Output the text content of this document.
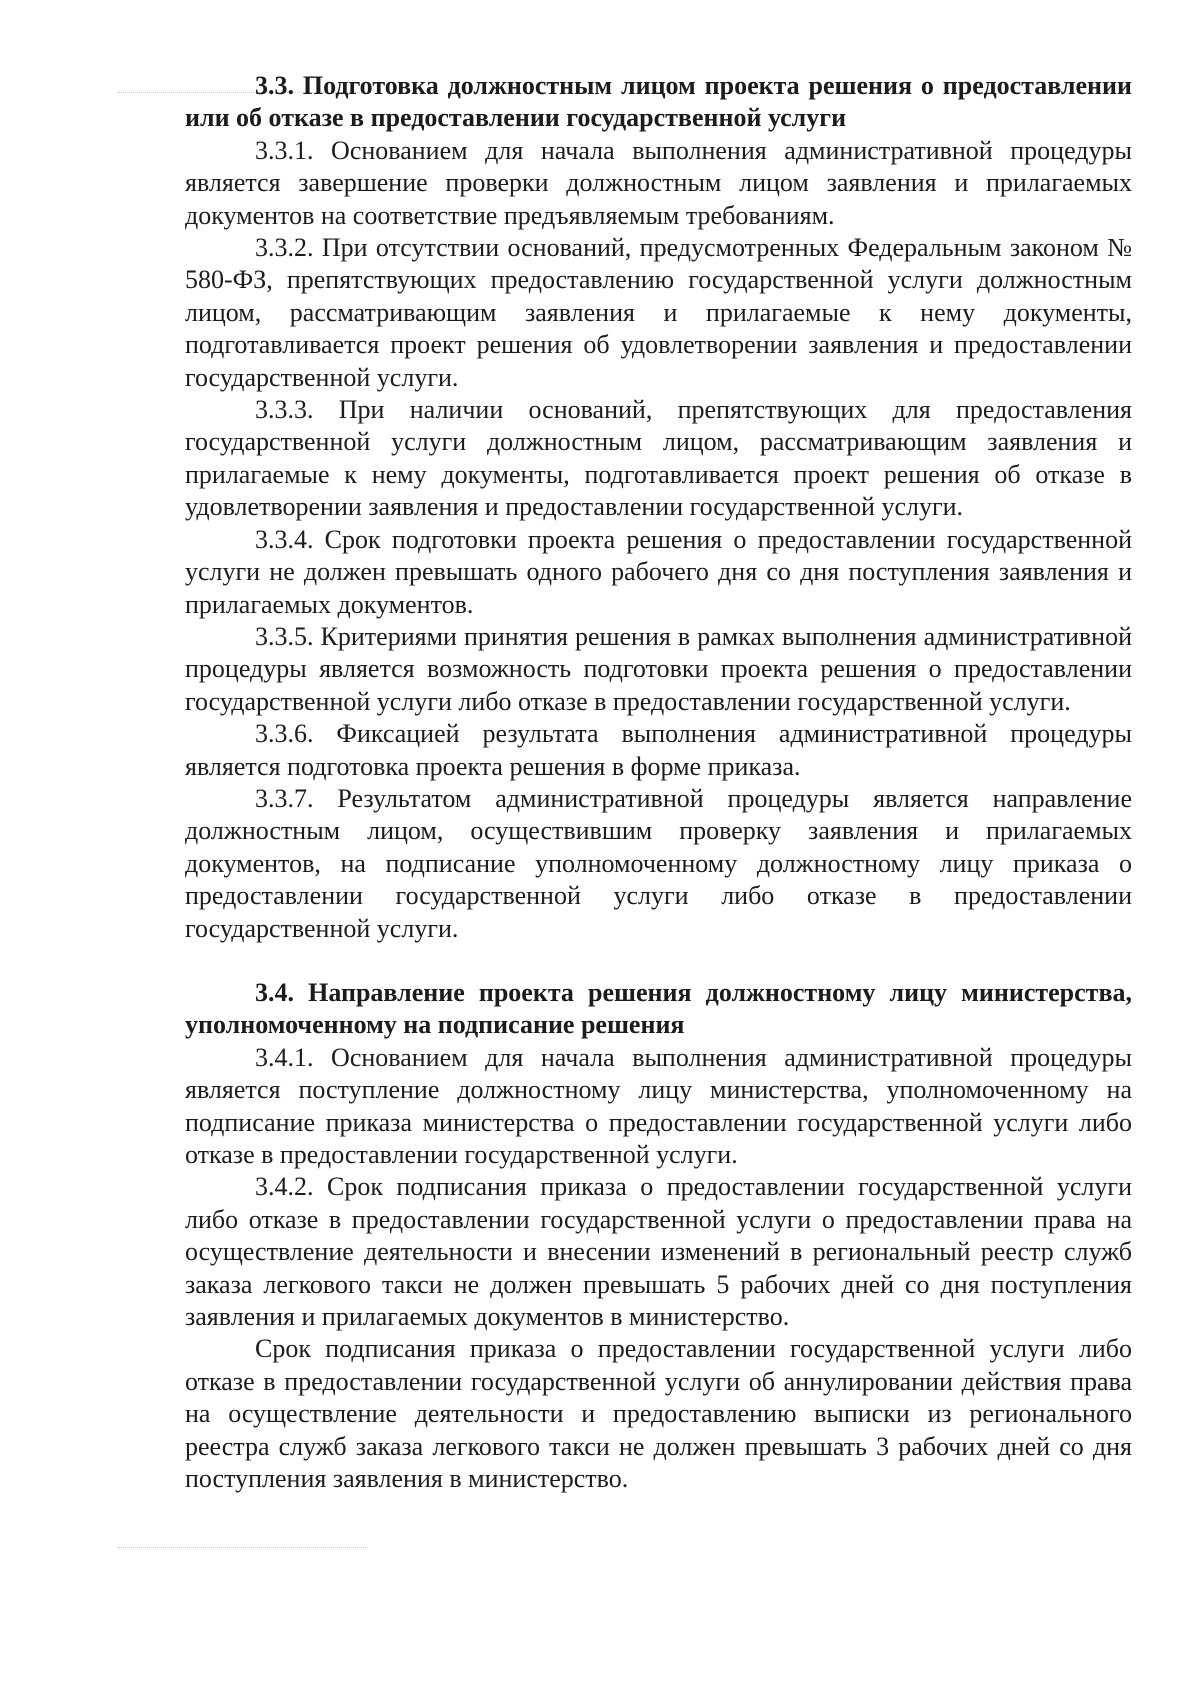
3.3. Подготовка должностным лицом проекта решения о предоставлении или об отказе в предоставлении государственной услуги

3.3.1. Основанием для начала выполнения административной процедуры является завершение проверки должностным лицом заявления и прилагаемых документов на соответствие предъявляемым требованиям.

3.3.2. При отсутствии оснований, предусмотренных Федеральным законом № 580-ФЗ, препятствующих предоставлению государственной услуги должностным лицом, рассматривающим заявления и прилагаемые к нему документы, подготавливается проект решения об удовлетворении заявления и предоставлении государственной услуги.

3.3.3. При наличии оснований, препятствующих для предоставления государственной услуги должностным лицом, рассматривающим заявления и прилагаемые к нему документы, подготавливается проект решения об отказе в удовлетворении заявления и предоставлении государственной услуги.

3.3.4. Срок подготовки проекта решения о предоставлении государственной услуги не должен превышать одного рабочего дня со дня поступления заявления и прилагаемых документов.

3.3.5. Критериями принятия решения в рамках выполнения административной процедуры является возможность подготовки проекта решения о предоставлении государственной услуги либо отказе в предоставлении государственной услуги.

3.3.6. Фиксацией результата выполнения административной процедуры является подготовка проекта решения в форме приказа.

3.3.7. Результатом административной процедуры является направление должностным лицом, осуществившим проверку заявления и прилагаемых документов, на подписание уполномоченному должностному лицу приказа о предоставлении государственной услуги либо отказе в предоставлении государственной услуги.

3.4. Направление проекта решения должностному лицу министерства, уполномоченному на подписание решения

3.4.1. Основанием для начала выполнения административной процедуры является поступление должностному лицу министерства, уполномоченному на подписание приказа министерства о предоставлении государственной услуги либо отказе в предоставлении государственной услуги.

3.4.2. Срок подписания приказа о предоставлении государственной услуги либо отказе в предоставлении государственной услуги о предоставлении права на осуществление деятельности и внесении изменений в региональный реестр служб заказа легкового такси не должен превышать 5 рабочих дней со дня поступления заявления и прилагаемых документов в министерство.

Срок подписания приказа о предоставлении государственной услуги либо отказе в предоставлении государственной услуги об аннулировании действия права на осуществление деятельности и предоставлению выписки из регионального реестра служб заказа легкового такси не должен превышать 3 рабочих дней со дня поступления заявления в министерство.
